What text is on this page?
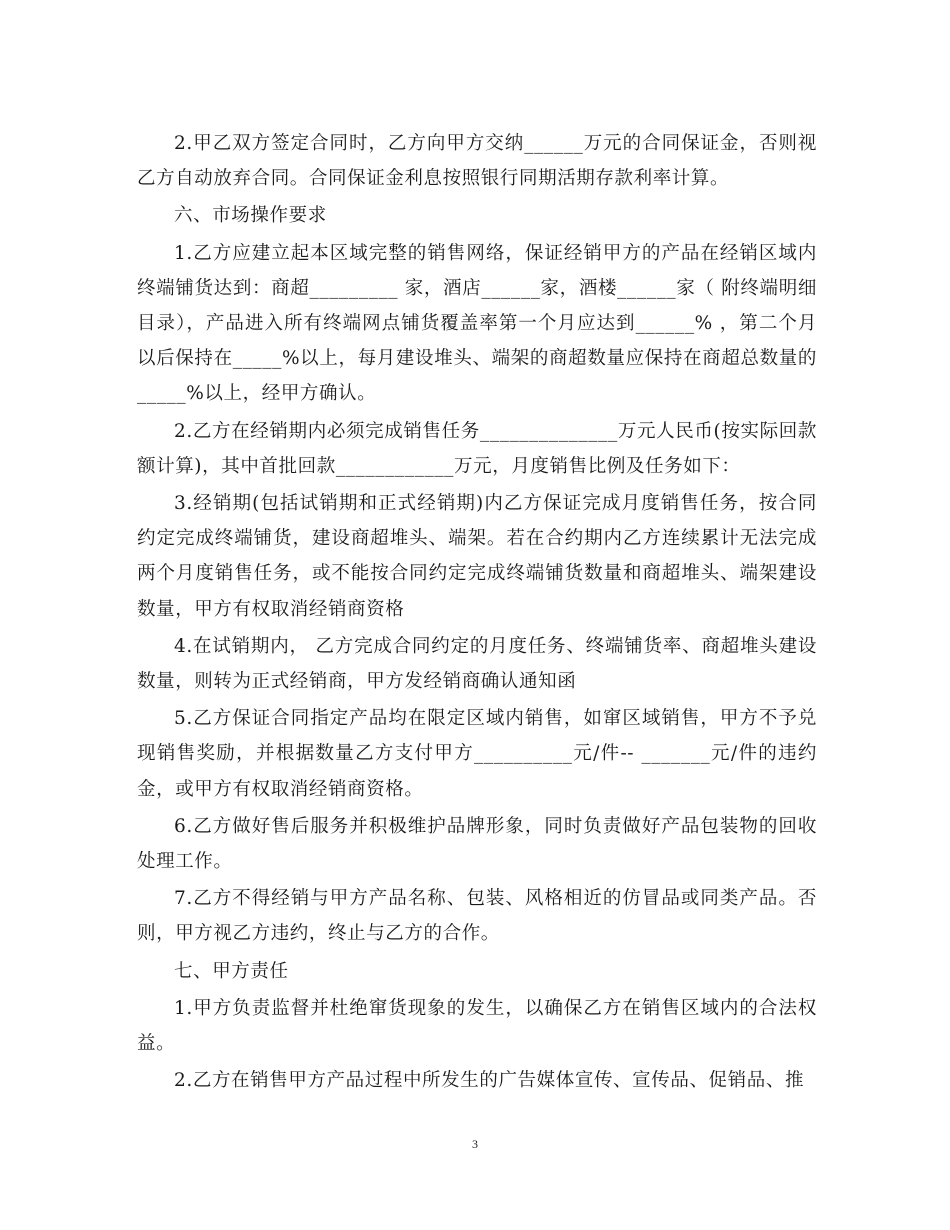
2.甲乙双方签定合同时，乙方向甲方交纳______万元的合同保证金，否则视乙方自动放弃合同。合同保证金利息按照银行同期活期存款利率计算。

六、市场操作要求

1.乙方应建立起本区域完整的销售网络，保证经销甲方的产品在经销区域内终端铺货达到：商超_________ 家，酒店______家，酒楼______家（ 附终端明细目录），产品进入所有终端网点铺货覆盖率第一个月应达到______% ，第二个月以后保持在_____%以上，每月建设堆头、端架的商超数量应保持在商超总数量的_____%以上，经甲方确认。

2.乙方在经销期内必须完成销售任务______________万元人民币(按实际回款额计算)，其中首批回款____________万元，月度销售比例及任务如下：

3.经销期(包括试销期和正式经销期)内乙方保证完成月度销售任务，按合同约定完成终端铺货，建设商超堆头、端架。若在合约期内乙方连续累计无法完成两个月度销售任务，或不能按合同约定完成终端铺货数量和商超堆头、端架建设数量，甲方有权取消经销商资格

4.在试销期内， 乙方完成合同约定的月度任务、终端铺货率、商超堆头建设数量，则转为正式经销商，甲方发经销商确认通知函

5.乙方保证合同指定产品均在限定区域内销售，如窜区域销售，甲方不予兑现销售奖励，并根据数量乙方支付甲方__________元/件-- _______元/件的违约金，或甲方有权取消经销商资格。

6.乙方做好售后服务并积极维护品牌形象，同时负责做好产品包装物的回收处理工作。

7.乙方不得经销与甲方产品名称、包装、风格相近的仿冒品或同类产品。否则，甲方视乙方违约，终止与乙方的合作。

七、甲方责任

1.甲方负责监督并杜绝窜货现象的发生，以确保乙方在销售区域内的合法权益。

2.乙方在销售甲方产品过程中所发生的广告媒体宣传、宣传品、促销品、推

3
